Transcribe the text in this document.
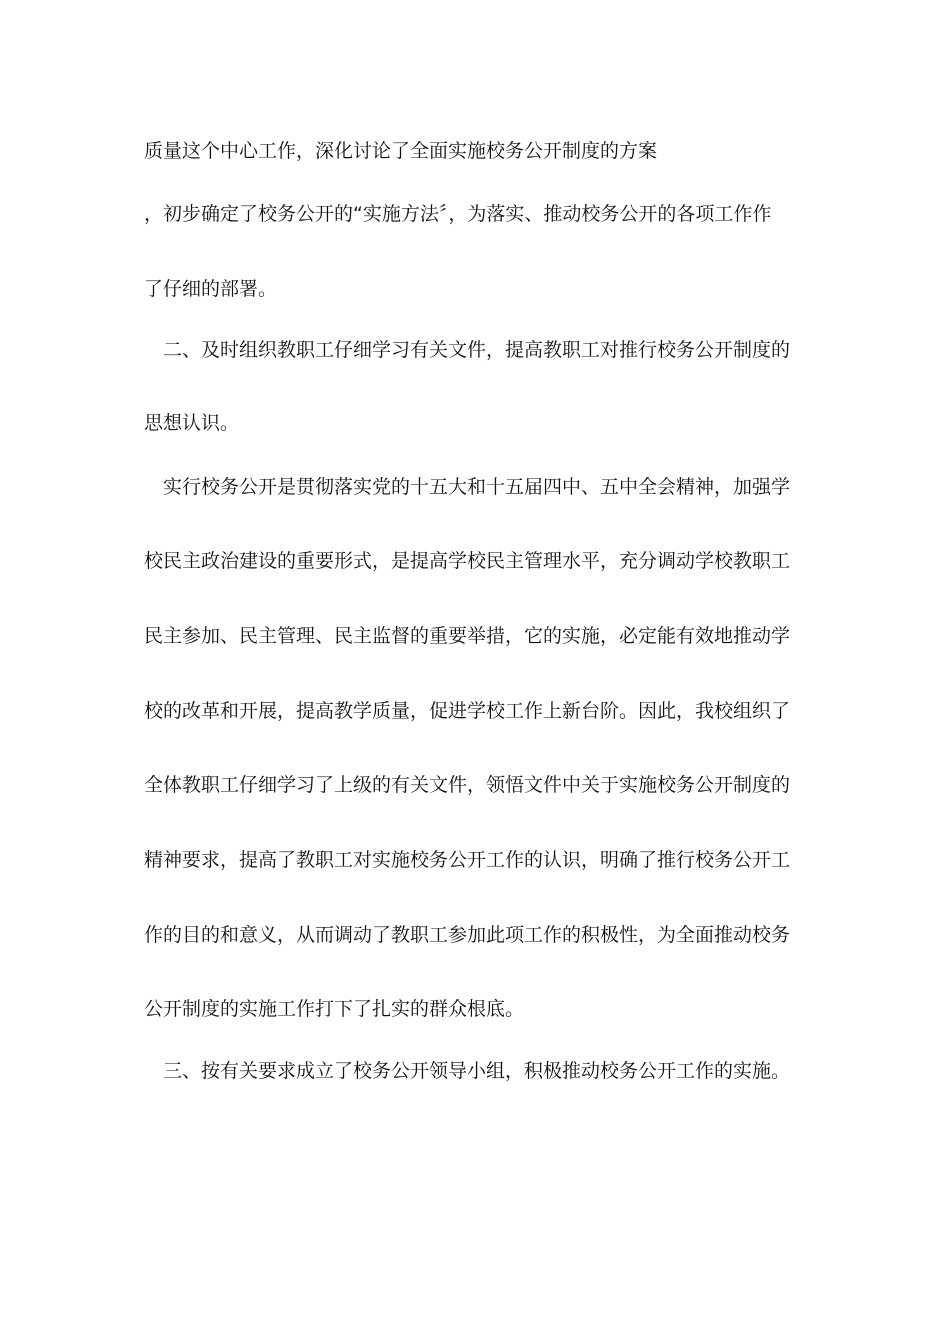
质量这个中心工作，深化讨论了全面实施校务公开制度的方案
，初步确定了校务公开的“实施方法〞，为落实、推动校务公开的各项工作作
了仔细的部署。
二、及时组织教职工仔细学习有关文件，提高教职工对推行校务公开制度的
思想认识。
实行校务公开是贯彻落实党的十五大和十五届四中、五中全会精神，加强学
校民主政治建设的重要形式，是提高学校民主管理水平，充分调动学校教职工
民主参加、民主管理、民主监督的重要举措，它的实施，必定能有效地推动学
校的改革和开展，提高教学质量，促进学校工作上新台阶。因此，我校组织了
全体教职工仔细学习了上级的有关文件，领悟文件中关于实施校务公开制度的
精神要求，提高了教职工对实施校务公开工作的认识，明确了推行校务公开工
作的目的和意义，从而调动了教职工参加此项工作的积极性，为全面推动校务
公开制度的实施工作打下了扎实的群众根底。
三、按有关要求成立了校务公开领导小组，积极推动校务公开工作的实施。
